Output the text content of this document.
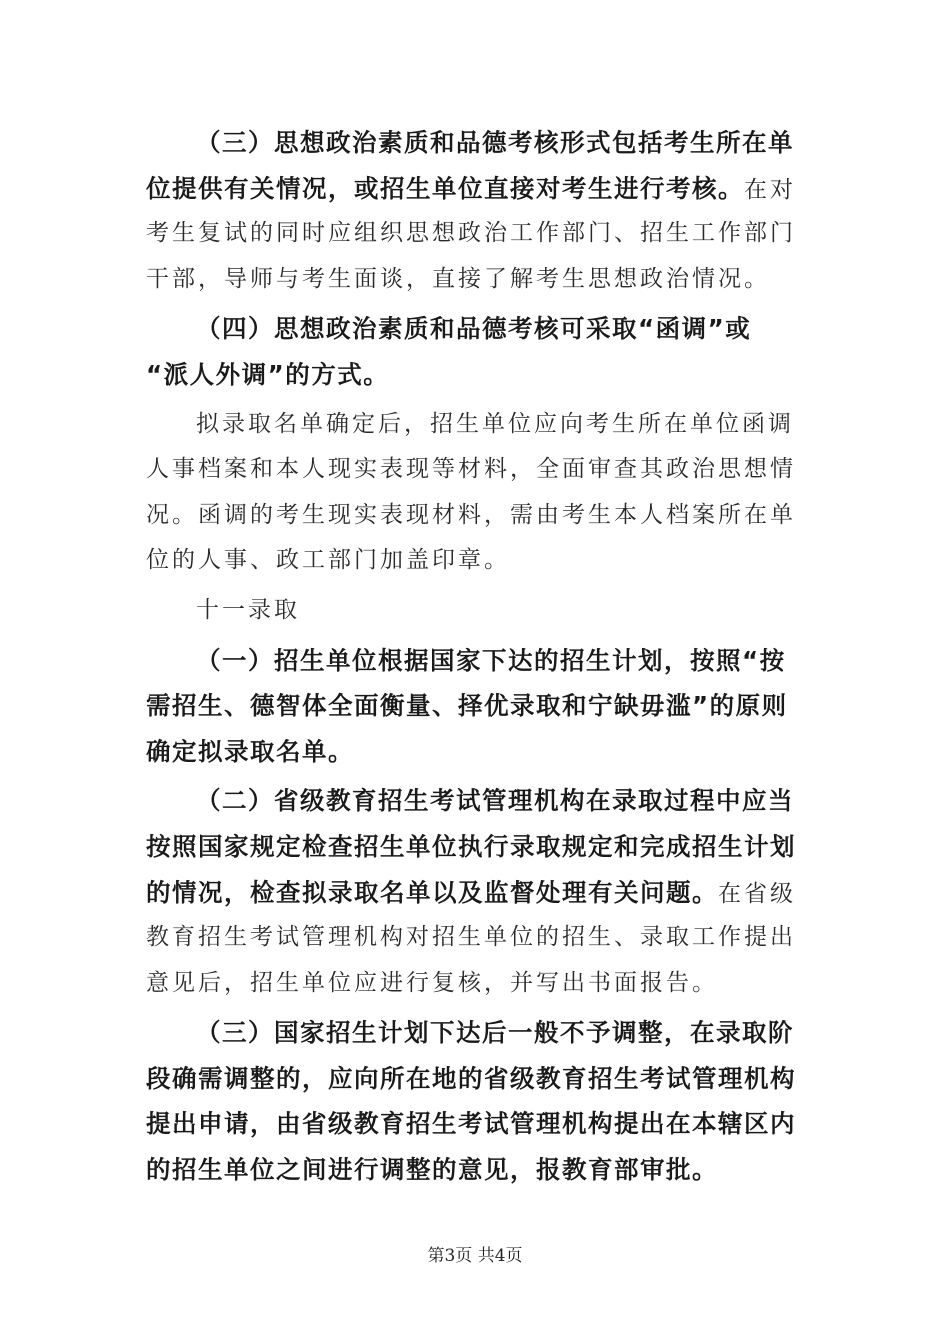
（三）思想政治素质和品德考核形式包括考生所在单
位提供有关情况，或招生单位直接对考生进行考核。在对
考生复试的同时应组织思想政治工作部门、招生工作部门
干部，导师与考生面谈，直接了解考生思想政治情况。
（四）思想政治素质和品德考核可采取“函调”或
“派人外调”的方式。
拟录取名单确定后，招生单位应向考生所在单位函调
人事档案和本人现实表现等材料，全面审查其政治思想情
况。函调的考生现实表现材料，需由考生本人档案所在单
位的人事、政工部门加盖印章。
十一录取
（一）招生单位根据国家下达的招生计划，按照“按
需招生、德智体全面衡量、择优录取和宁缺毋滥”的原则
确定拟录取名单。
（二）省级教育招生考试管理机构在录取过程中应当
按照国家规定检查招生单位执行录取规定和完成招生计划
的情况，检查拟录取名单以及监督处理有关问题。在省级
教育招生考试管理机构对招生单位的招生、录取工作提出
意见后，招生单位应进行复核，并写出书面报告。
（三）国家招生计划下达后一般不予调整，在录取阶
段确需调整的，应向所在地的省级教育招生考试管理机构
提出申请，由省级教育招生考试管理机构提出在本辖区内
的招生单位之间进行调整的意见，报教育部审批。
第3页 共4页
